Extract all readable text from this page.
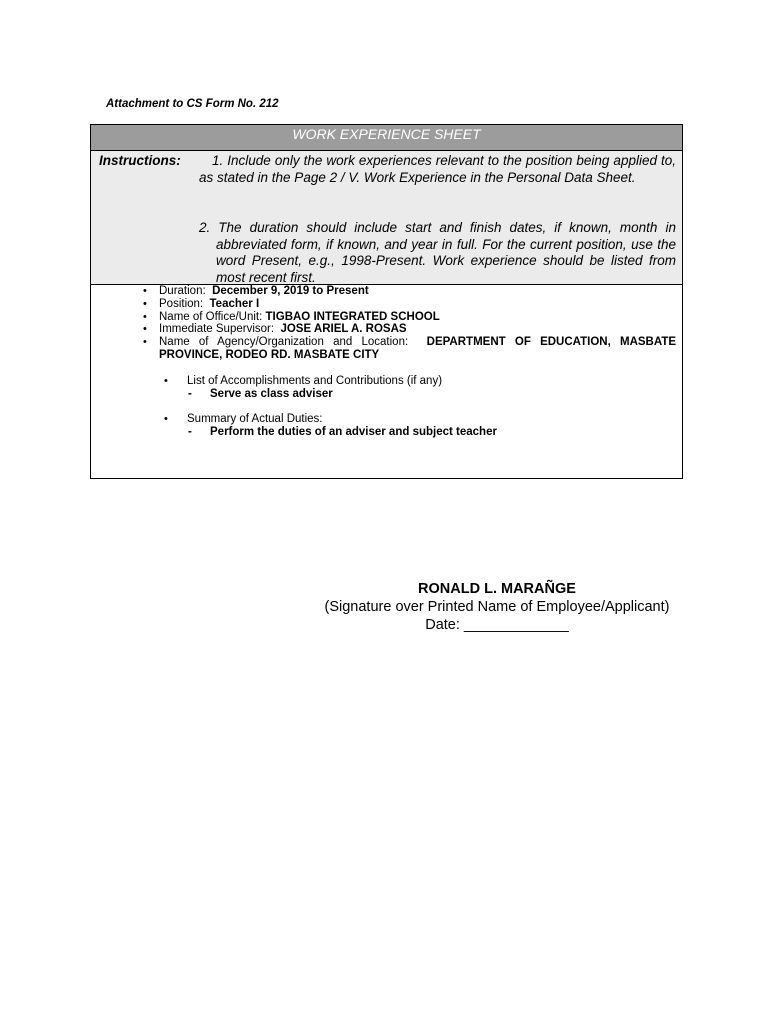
Attachment to CS Form No. 212
WORK EXPERIENCE SHEET
Instructions:	1. Include only the work experiences relevant to the position being applied to, as stated in the Page 2 / V. Work Experience in the Personal Data Sheet.
2. The duration should include start and finish dates, if known, month in abbreviated form, if known, and year in full. For the current position, use the word Present, e.g., 1998-Present. Work experience should be listed from most recent first.
• Duration: December 9, 2019 to Present
• Position: Teacher I
• Name of Office/Unit: TIGBAO INTEGRATED SCHOOL
• Immediate Supervisor: JOSE ARIEL A. ROSAS
• Name of Agency/Organization and Location: DEPARTMENT OF EDUCATION, MASBATE PROVINCE, RODEO RD. MASBATE CITY
• List of Accomplishments and Contributions (if any)
- Serve as class adviser
• Summary of Actual Duties:
- Perform the duties of an adviser and subject teacher
RONALD L. MARAÑGE
(Signature over Printed Name of Employee/Applicant)
Date: _____________
